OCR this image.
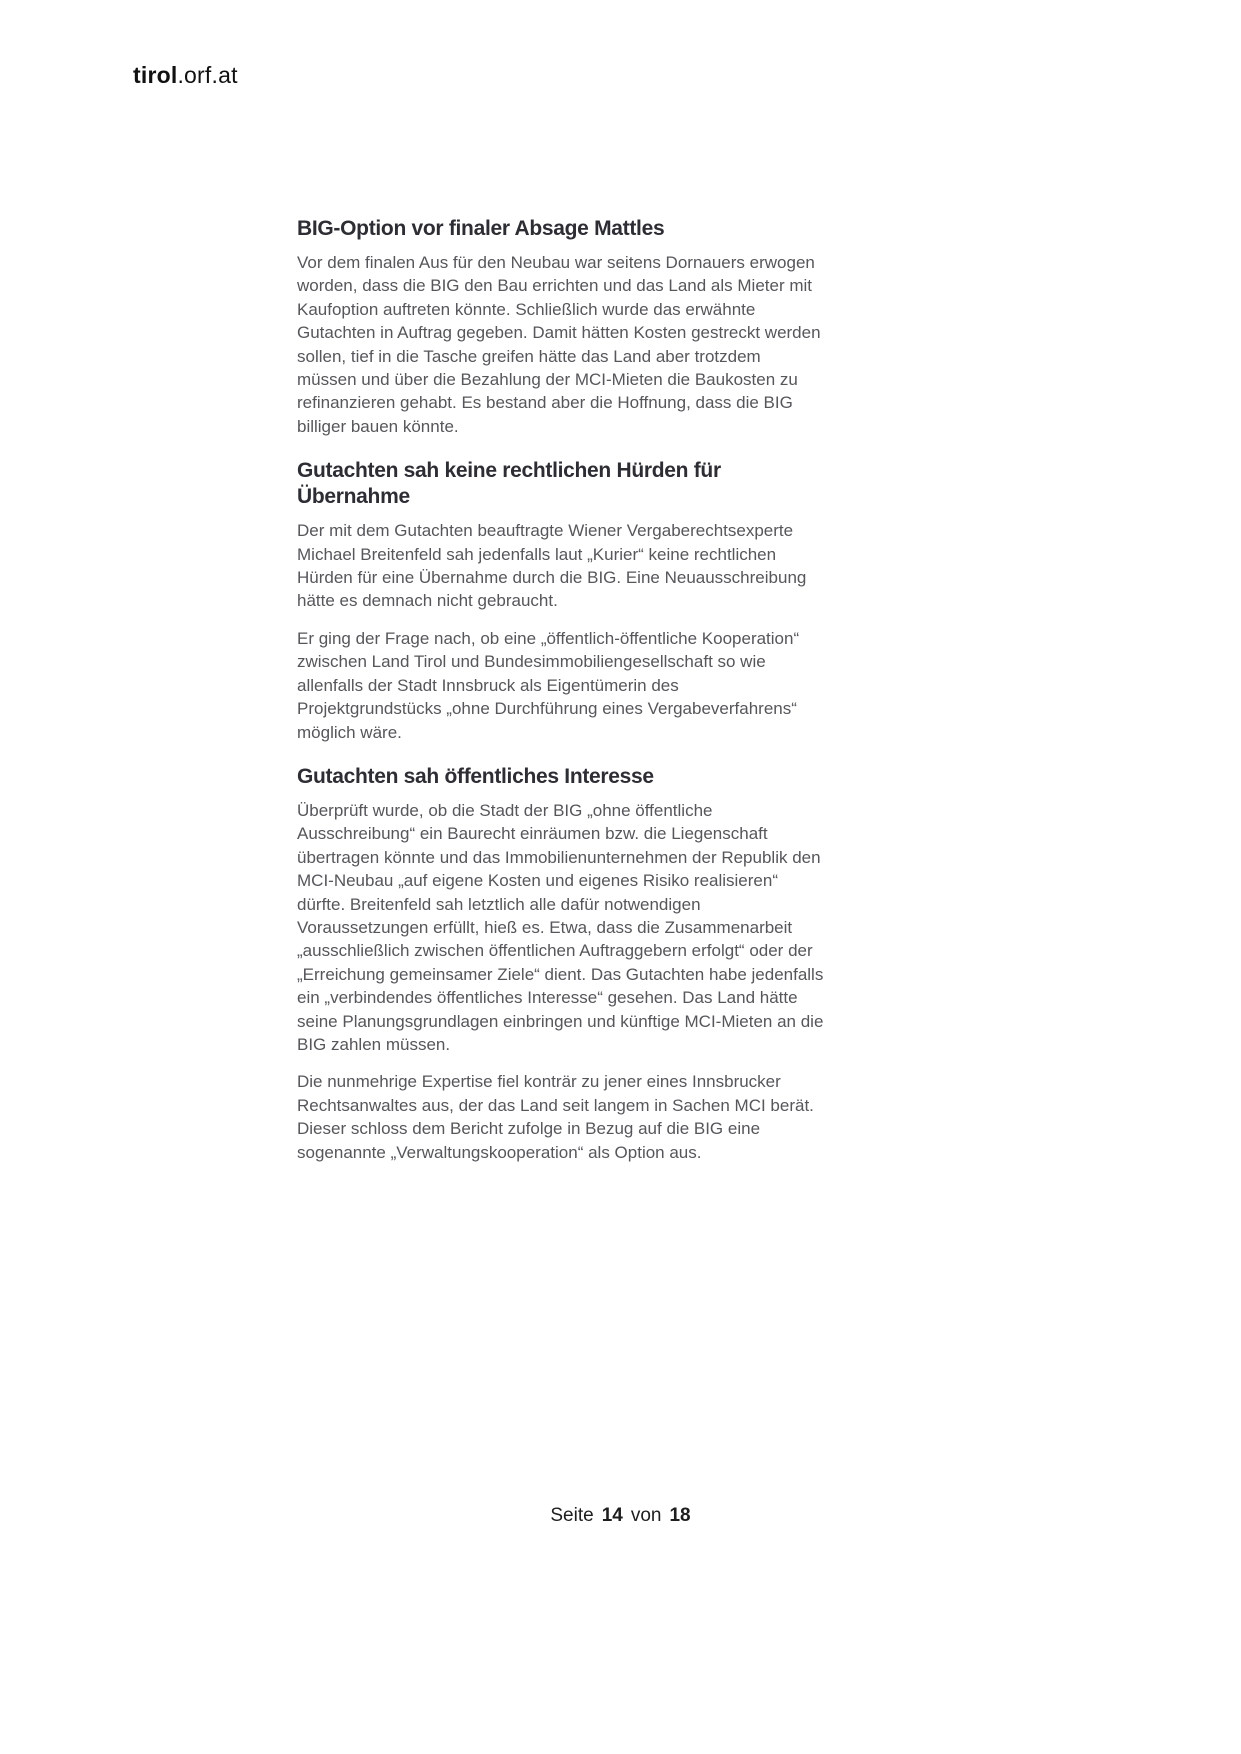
tirol.orf.at
BIG-Option vor finaler Absage Mattles

Vor dem finalen Aus für den Neubau war seitens Dornauers erwogen worden, dass die BIG den Bau errichten und das Land als Mieter mit Kaufoption auftreten könnte. Schließlich wurde das erwähnte Gutachten in Auftrag gegeben. Damit hätten Kosten gestreckt werden sollen, tief in die Tasche greifen hätte das Land aber trotzdem müssen und über die Bezahlung der MCI-Mieten die Baukosten zu refinanzieren gehabt. Es bestand aber die Hoffnung, dass die BIG billiger bauen könnte.

Gutachten sah keine rechtlichen Hürden für Übernahme

Der mit dem Gutachten beauftragte Wiener Vergaberechtsexperte Michael Breitenfeld sah jedenfalls laut „Kurier“ keine rechtlichen Hürden für eine Übernahme durch die BIG. Eine Neuausschreibung hätte es demnach nicht gebraucht.

Er ging der Frage nach, ob eine „öffentlich-öffentliche Kooperation“ zwischen Land Tirol und Bundesimmobiliengesellschaft so wie allenfalls der Stadt Innsbruck als Eigentümerin des Projektgrundstücks „ohne Durchführung eines Vergabeverfahrens“ möglich wäre.

Gutachten sah öffentliches Interesse

Überprüft wurde, ob die Stadt der BIG „ohne öffentliche Ausschreibung“ ein Baurecht einräumen bzw. die Liegenschaft übertragen könnte und das Immobilienunternehmen der Republik den MCI-Neubau „auf eigene Kosten und eigenes Risiko realisieren“ dürfte. Breitenfeld sah letztlich alle dafür notwendigen Voraussetzungen erfüllt, hieß es. Etwa, dass die Zusammenarbeit „ausschließlich zwischen öffentlichen Auftraggebern erfolgt“ oder der „Erreichung gemeinsamer Ziele“ dient. Das Gutachten habe jedenfalls ein „verbindendes öffentliches Interesse“ gesehen. Das Land hätte seine Planungsgrundlagen einbringen und künftige MCI-Mieten an die BIG zahlen müssen.

Die nunmehrige Expertise fiel konträr zu jener eines Innsbrucker Rechtsanwaltes aus, der das Land seit langem in Sachen MCI berät. Dieser schloss dem Bericht zufolge in Bezug auf die BIG eine sogenannte „Verwaltungskooperation“ als Option aus.

Seite 14 von 18
